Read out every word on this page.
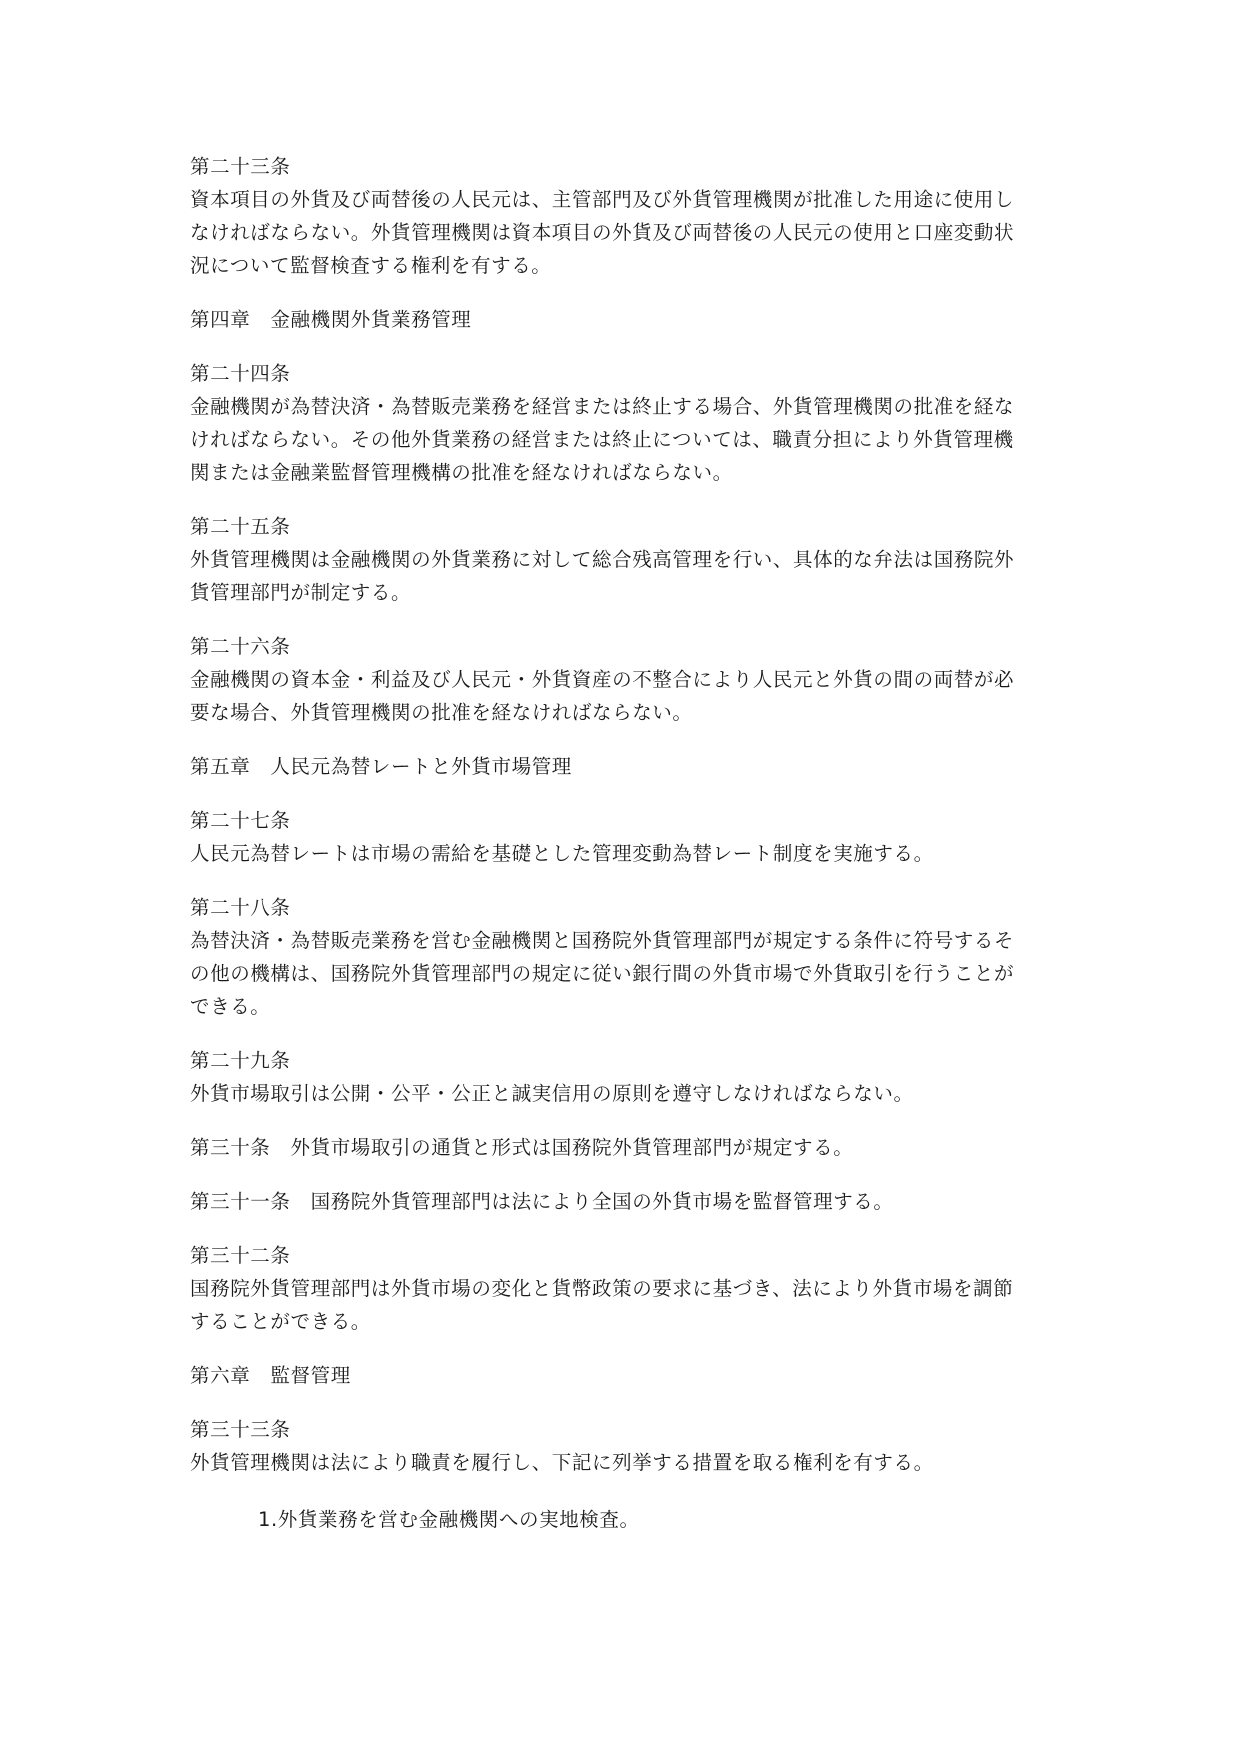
第二十三条
資本項目の外貨及び両替後の人民元は、主管部門及び外貨管理機関が批准した用途に使用し
なければならない。外貨管理機関は資本項目の外貨及び両替後の人民元の使用と口座変動状
況について監督検査する権利を有する。
第四章　金融機関外貨業務管理
第二十四条
金融機関が為替決済・為替販売業務を経営または終止する場合、外貨管理機関の批准を経な
ければならない。その他外貨業務の経営または終止については、職責分担により外貨管理機
関または金融業監督管理機構の批准を経なければならない。
第二十五条
外貨管理機関は金融機関の外貨業務に対して総合残高管理を行い、具体的な弁法は国務院外
貨管理部門が制定する。
第二十六条
金融機関の資本金・利益及び人民元・外貨資産の不整合により人民元と外貨の間の両替が必
要な場合、外貨管理機関の批准を経なければならない。
第五章　人民元為替レートと外貨市場管理
第二十七条
人民元為替レートは市場の需給を基礎とした管理変動為替レート制度を実施する。
第二十八条
為替決済・為替販売業務を営む金融機関と国務院外貨管理部門が規定する条件に符号するそ
の他の機構は、国務院外貨管理部門の規定に従い銀行間の外貨市場で外貨取引を行うことが
できる。
第二十九条
外貨市場取引は公開・公平・公正と誠実信用の原則を遵守しなければならない。
第三十条　外貨市場取引の通貨と形式は国務院外貨管理部門が規定する。
第三十一条　国務院外貨管理部門は法により全国の外貨市場を監督管理する。
第三十二条
国務院外貨管理部門は外貨市場の変化と貨幣政策の要求に基づき、法により外貨市場を調節
することができる。
第六章　監督管理
第三十三条
外貨管理機関は法により職責を履行し、下記に列挙する措置を取る権利を有する。
1.外貨業務を営む金融機関への実地検査。
